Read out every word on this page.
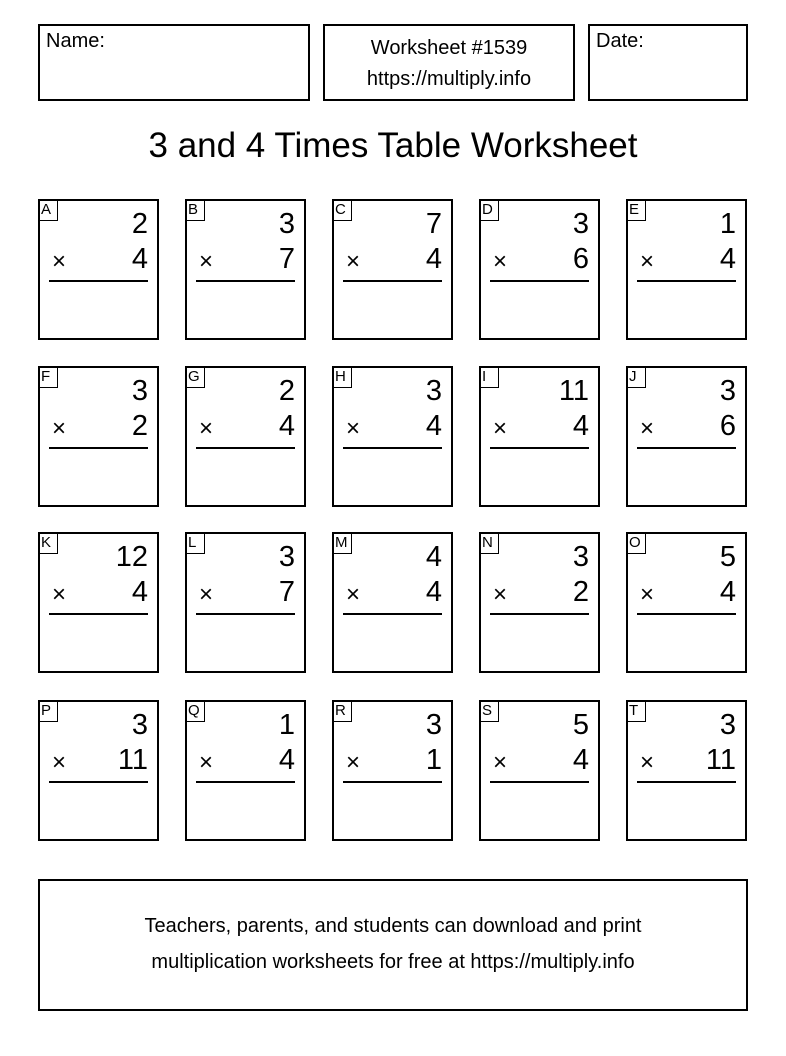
Name:	Worksheet #1539
https://multiply.info
Date:
3 and 4 Times Table Worksheet
A	2
× 4
B	3
× 7
C	7
× 4
D	3
× 6
E	1
× 4
F	3
× 2
G	2
× 4
H	3
× 4
I	11
× 4
J	3
× 6
K 12
× 4
L	3
× 7
M	4
× 4
N	3
× 2
O	5
× 4
P	3
× 11
Q	1
× 4
R	3
× 1
S	5
× 4
T	3
× 11
Teachers, parents, and students can download and print
multiplication worksheets for free at https://multiply.info
